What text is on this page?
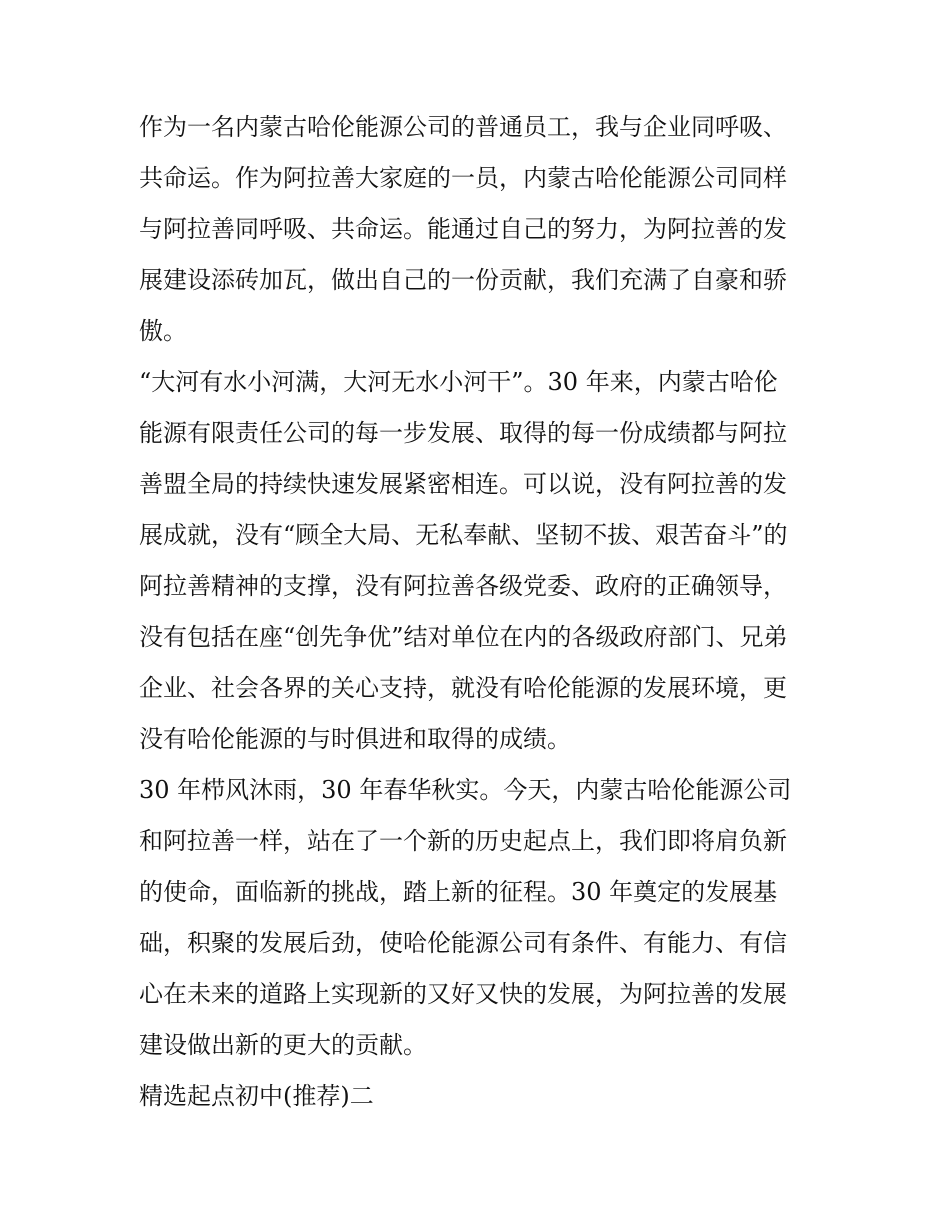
作为一名内蒙古哈伦能源公司的普通员工，我与企业同呼吸、
共命运。作为阿拉善大家庭的一员，内蒙古哈伦能源公司同样
与阿拉善同呼吸、共命运。能通过自己的努力，为阿拉善的发
展建设添砖加瓦，做出自己的一份贡献，我们充满了自豪和骄
傲。
“大河有水小河满，大河无水小河干”。30 年来，内蒙古哈伦
能源有限责任公司的每一步发展、取得的每一份成绩都与阿拉
善盟全局的持续快速发展紧密相连。可以说，没有阿拉善的发
展成就，没有“顾全大局、无私奉献、坚韧不拔、艰苦奋斗”的
阿拉善精神的支撑，没有阿拉善各级党委、政府的正确领导，
没有包括在座“创先争优”结对单位在内的各级政府部门、兄弟
企业、社会各界的关心支持，就没有哈伦能源的发展环境，更
没有哈伦能源的与时俱进和取得的成绩。
30 年栉风沐雨，30 年春华秋实。今天，内蒙古哈伦能源公司
和阿拉善一样，站在了一个新的历史起点上，我们即将肩负新
的使命，面临新的挑战，踏上新的征程。30 年奠定的发展基
础，积聚的发展后劲，使哈伦能源公司有条件、有能力、有信
心在未来的道路上实现新的又好又快的发展，为阿拉善的发展
建设做出新的更大的贡献。
精选起点初中(推荐)二
